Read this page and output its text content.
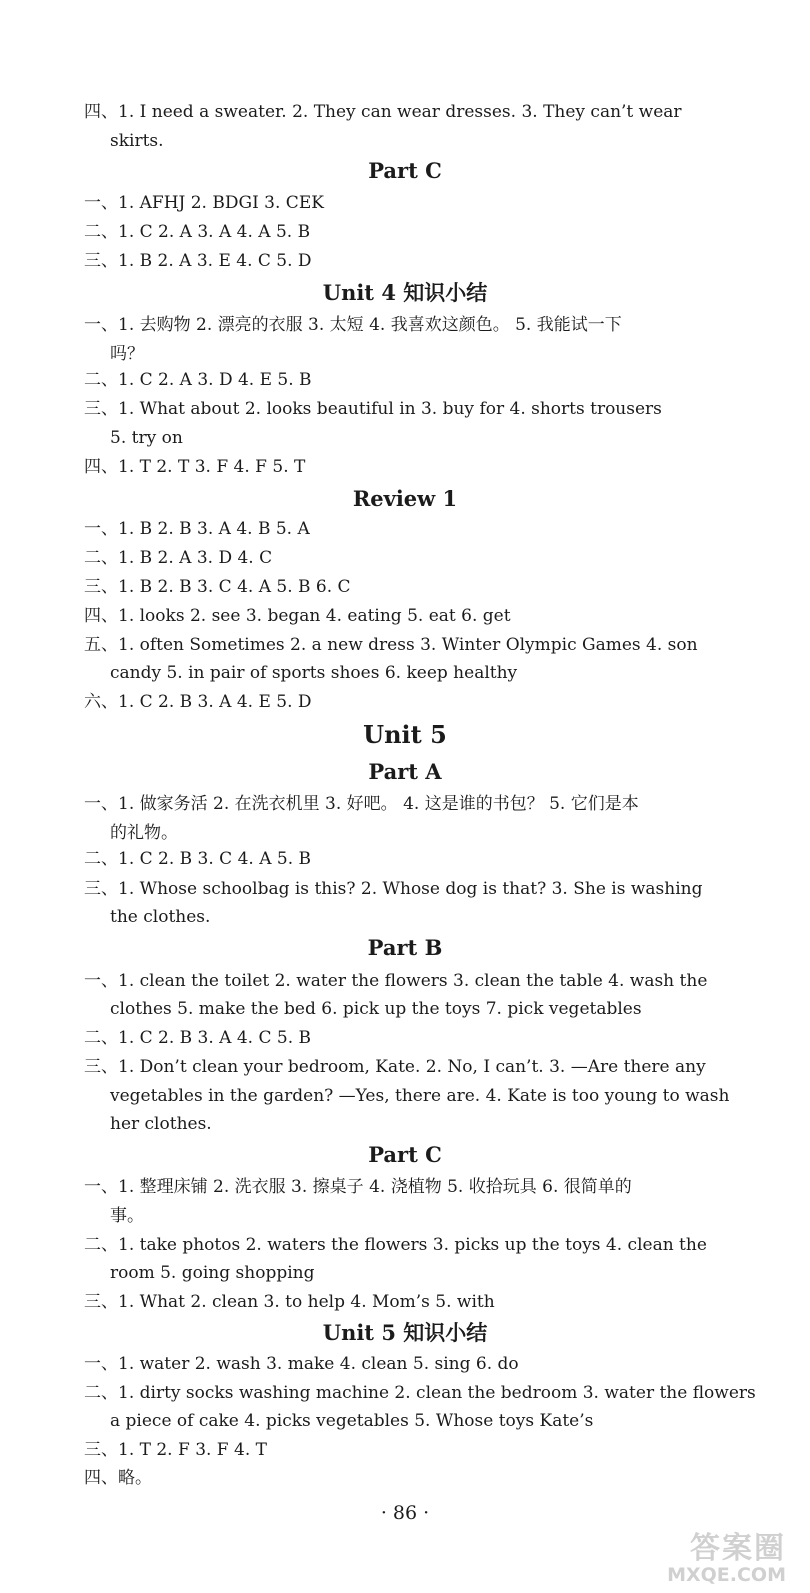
四、1. I need a sweater. 2. They can wear dresses. 3. They can’t wear
skirts.
Part C
一、1. AFHJ 2. BDGI 3. CEK
二、1. C 2. A 3. A 4. A 5. B
三、1. B 2. A 3. E 4. C 5. D
Unit 4 知识小结
一、1. 去购物 2. 漂亮的衣服 3. 太短 4. 我喜欢这颜色。 5. 我能试一下
吗？
二、1. C 2. A 3. D 4. E 5. B
三、1. What about 2. looks beautiful in 3. buy for 4. shorts trousers
5. try on
四、1. T 2. T 3. F 4. F 5. T
Review 1
一、1. B 2. B 3. A 4. B 5. A
二、1. B 2. A 3. D 4. C
三、1. B 2. B 3. C 4. A 5. B 6. C
四、1. looks 2. see 3. began 4. eating 5. eat 6. get
五、1. often Sometimes 2. a new dress 3. Winter Olympic Games 4. son
candy 5. in pair of sports shoes 6. keep healthy
六、1. C 2. B 3. A 4. E 5. D
Unit 5
Part A
一、1. 做家务活 2. 在洗衣机里 3. 好吧。 4. 这是谁的书包？ 5. 它们是本
的礼物。
二、1. C 2. B 3. C 4. A 5. B
三、1. Whose schoolbag is this? 2. Whose dog is that? 3. She is washing
the clothes.
Part B
一、1. clean the toilet 2. water the flowers 3. clean the table 4. wash the
clothes 5. make the bed 6. pick up the toys 7. pick vegetables
二、1. C 2. B 3. A 4. C 5. B
三、1. Don’t clean your bedroom, Kate. 2. No, I can’t. 3. —Are there any
vegetables in the garden? —Yes, there are. 4. Kate is too young to wash
her clothes.
Part C
一、1. 整理床铺 2. 洗衣服 3. 擦桌子 4. 浇植物 5. 收拾玩具 6. 很简单的
事。
二、1. take photos 2. waters the flowers 3. picks up the toys 4. clean the
room 5. going shopping
三、1. What 2. clean 3. to help 4. Mom’s 5. with
Unit 5 知识小结
一、1. water 2. wash 3. make 4. clean 5. sing 6. do
二、1. dirty socks washing machine 2. clean the bedroom 3. water the flowers
a piece of cake 4. picks vegetables 5. Whose toys Kate’s
三、1. T 2. F 3. F 4. T
四、略。
· 86 ·
答案圈
MXQE.COM
